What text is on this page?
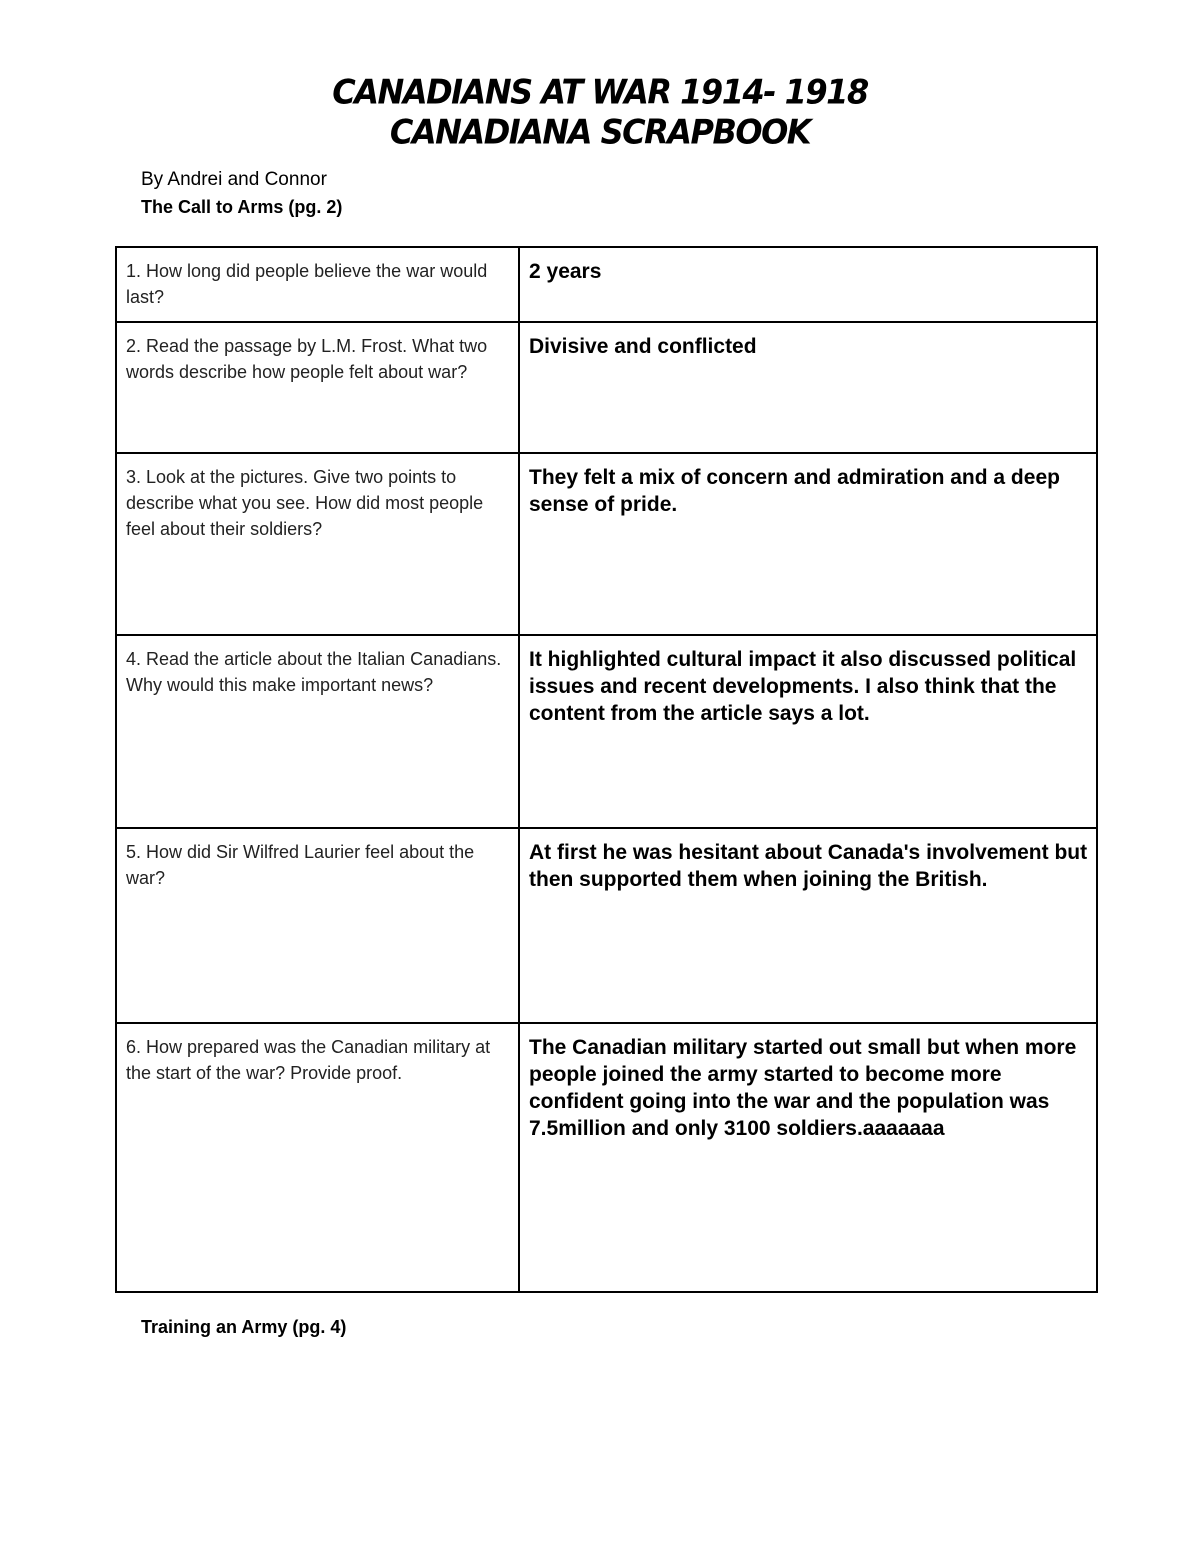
CANADIANS AT WAR 1914- 1918
CANADIANA SCRAPBOOK
By Andrei and Connor
The Call to Arms (pg. 2)
1. How long did people believe the war would last?	2 years
2. Read the passage by L.M. Frost. What two words describe how people felt about war?	Divisive and conflicted
3. Look at the pictures. Give two points to describe what you see. How did most people feel about their soldiers?	They felt a mix of concern and admiration and a deep sense of pride.
4. Read the article about the Italian Canadians. Why would this make important news?	It highlighted cultural impact it also discussed political issues and recent developments. I also think that the content from the article says a lot.
5. How did Sir Wilfred Laurier feel about the war?	At first he was hesitant about Canada's involvement but then supported them when joining the British.
6. How prepared was the Canadian military at the start of the war? Provide proof.	The Canadian military started out small but when more people joined the army started to become more confident going into the war and the population was 7.5million and only 3100 soldiers.aaaaaaa
Training an Army (pg. 4)
